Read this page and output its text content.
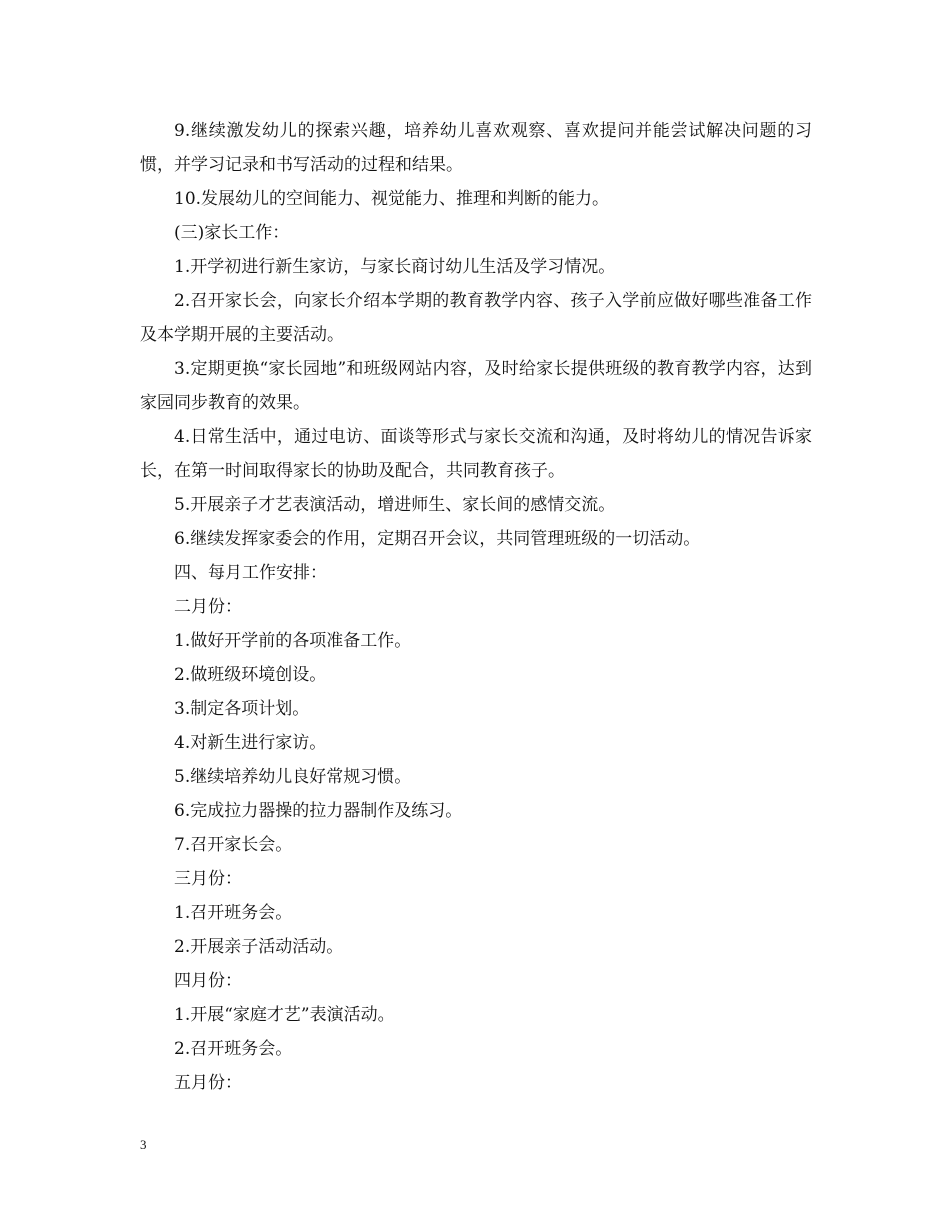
9.继续激发幼儿的探索兴趣，培养幼儿喜欢观察、喜欢提问并能尝试解决问题的习惯，并学习记录和书写活动的过程和结果。

10.发展幼儿的空间能力、视觉能力、推理和判断的能力。

(三)家长工作：

1.开学初进行新生家访，与家长商讨幼儿生活及学习情况。

2.召开家长会，向家长介绍本学期的教育教学内容、孩子入学前应做好哪些准备工作及本学期开展的主要活动。

3.定期更换“家长园地”和班级网站内容，及时给家长提供班级的教育教学内容，达到家园同步教育的效果。

4.日常生活中，通过电访、面谈等形式与家长交流和沟通，及时将幼儿的情况告诉家长，在第一时间取得家长的协助及配合，共同教育孩子。

5.开展亲子才艺表演活动，增进师生、家长间的感情交流。

6.继续发挥家委会的作用，定期召开会议，共同管理班级的一切活动。

四、每月工作安排：

二月份：

1.做好开学前的各项准备工作。

2.做班级环境创设。

3.制定各项计划。

4.对新生进行家访。

5.继续培养幼儿良好常规习惯。

6.完成拉力器操的拉力器制作及练习。

7.召开家长会。

三月份：

1.召开班务会。

2.开展亲子活动活动。

四月份：

1.开展“家庭才艺”表演活动。

2.召开班务会。

五月份：

3
